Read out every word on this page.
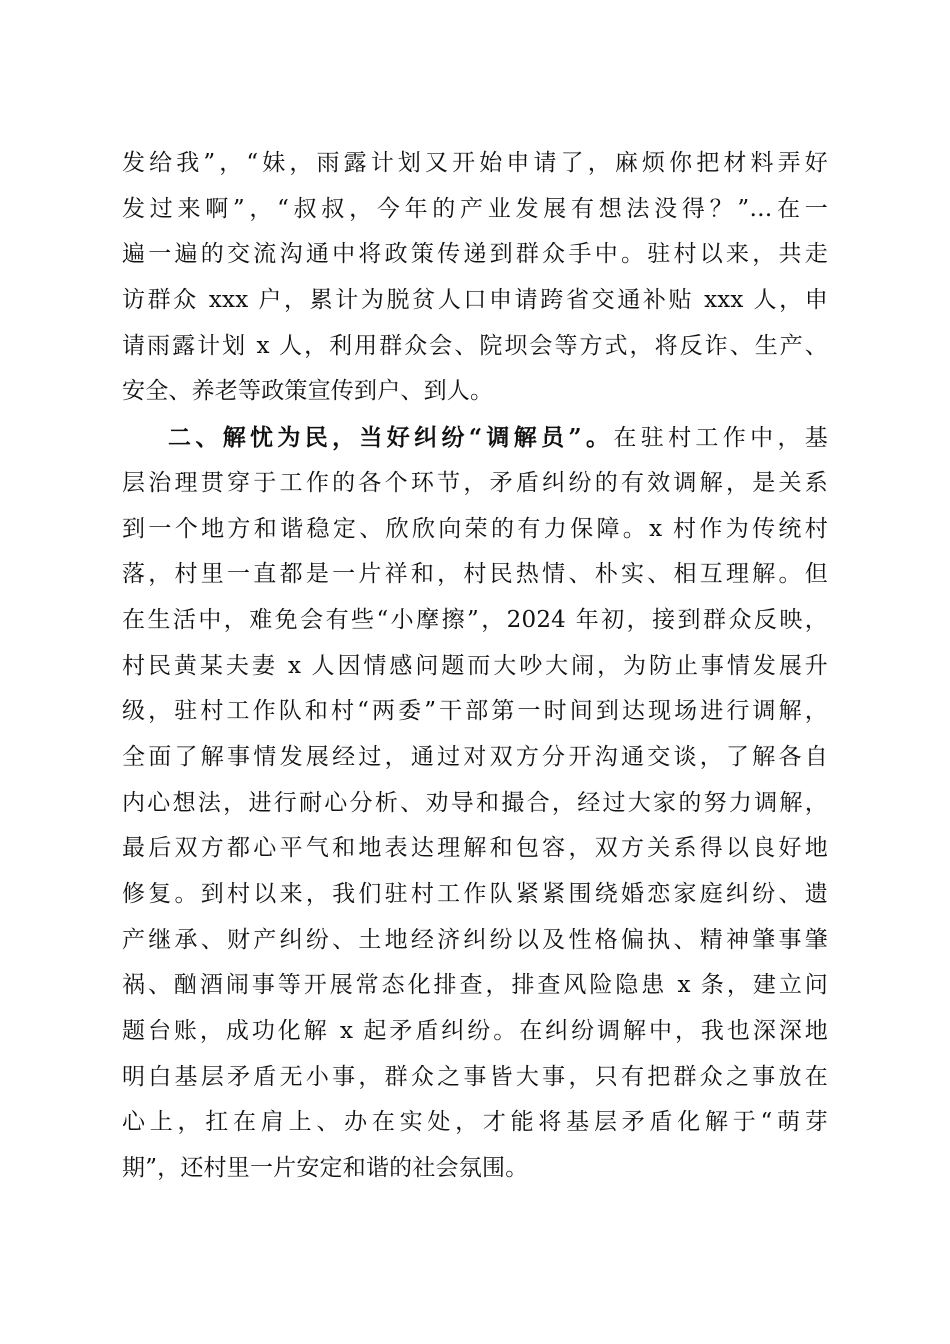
发给我”，“妹，雨露计划又开始申请了，麻烦你把材料弄好
发过来啊”，“叔叔，今年的产业发展有想法没得？”…在一
遍一遍的交流沟通中将政策传递到群众手中。驻村以来，共走
访群众 xxx 户，累计为脱贫人口申请跨省交通补贴 xxx 人，申
请雨露计划 x 人，利用群众会、院坝会等方式，将反诈、生产、
安全、养老等政策宣传到户、到人。
二、解忧为民，当好纠纷“调解员”。在驻村工作中，基
层治理贯穿于工作的各个环节，矛盾纠纷的有效调解，是关系
到一个地方和谐稳定、欣欣向荣的有力保障。x 村作为传统村
落，村里一直都是一片祥和，村民热情、朴实、相互理解。但
在生活中，难免会有些“小摩擦”，2024 年初，接到群众反映，
村民黄某夫妻 x 人因情感问题而大吵大闹，为防止事情发展升
级，驻村工作队和村“两委”干部第一时间到达现场进行调解，
全面了解事情发展经过，通过对双方分开沟通交谈，了解各自
内心想法，进行耐心分析、劝导和撮合，经过大家的努力调解，
最后双方都心平气和地表达理解和包容，双方关系得以良好地
修复。到村以来，我们驻村工作队紧紧围绕婚恋家庭纠纷、遗
产继承、财产纠纷、土地经济纠纷以及性格偏执、精神肇事肇
祸、酗酒闹事等开展常态化排查，排查风险隐患 x 条，建立问
题台账，成功化解 x 起矛盾纠纷。在纠纷调解中，我也深深地
明白基层矛盾无小事，群众之事皆大事，只有把群众之事放在
心上，扛在肩上、办在实处，才能将基层矛盾化解于“萌芽
期”，还村里一片安定和谐的社会氛围。
